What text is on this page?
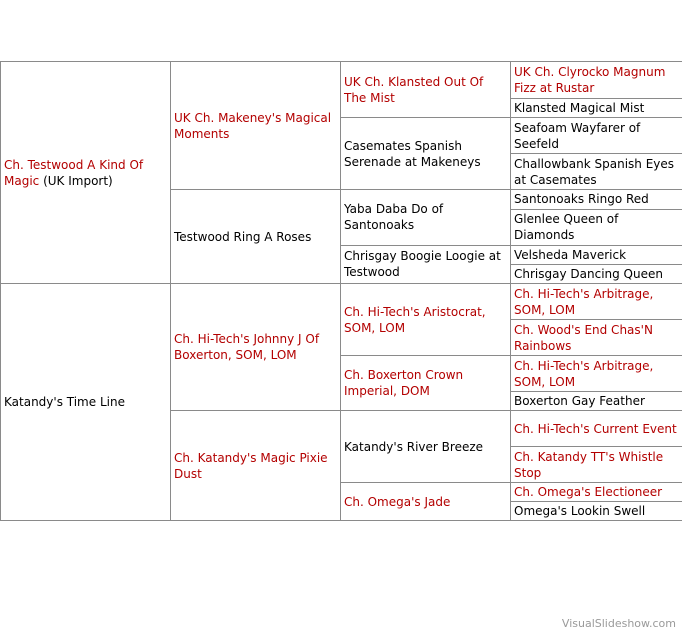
Ch. Testwood A Kind Of Magic (UK Import)	UK Ch. Makeney's Magical Moments	UK Ch. Klansted Out Of The Mist	UK Ch. Clyrocko Magnum Fizz at Rustar
			Klansted Magical Mist
		Casemates Spanish Serenade at Makeneys	Seafoam Wayfarer of Seefeld
			Challowbank Spanish Eyes at Casemates
	Testwood Ring A Roses	Yaba Daba Do of Santonoaks	Santonoaks Ringo Red
			Glenlee Queen of Diamonds
		Chrisgay Boogie Loogie at Testwood	Velsheda Maverick
			Chrisgay Dancing Queen
Katandy's Time Line	Ch. Hi-Tech's Johnny J Of Boxerton, SOM, LOM	Ch. Hi-Tech's Aristocrat, SOM, LOM	Ch. Hi-Tech's Arbitrage, SOM, LOM
			Ch. Wood's End Chas'N Rainbows
		Ch. Boxerton Crown Imperial, DOM	Ch. Hi-Tech's Arbitrage, SOM, LOM
			Boxerton Gay Feather
	Ch. Katandy's Magic Pixie Dust	Katandy's River Breeze	Ch. Hi-Tech's Current Event
			Ch. Katandy TT's Whistle Stop
		Ch. Omega's Jade	Ch. Omega's Electioneer
			Omega's Lookin Swell
VisualSlideshow.com
